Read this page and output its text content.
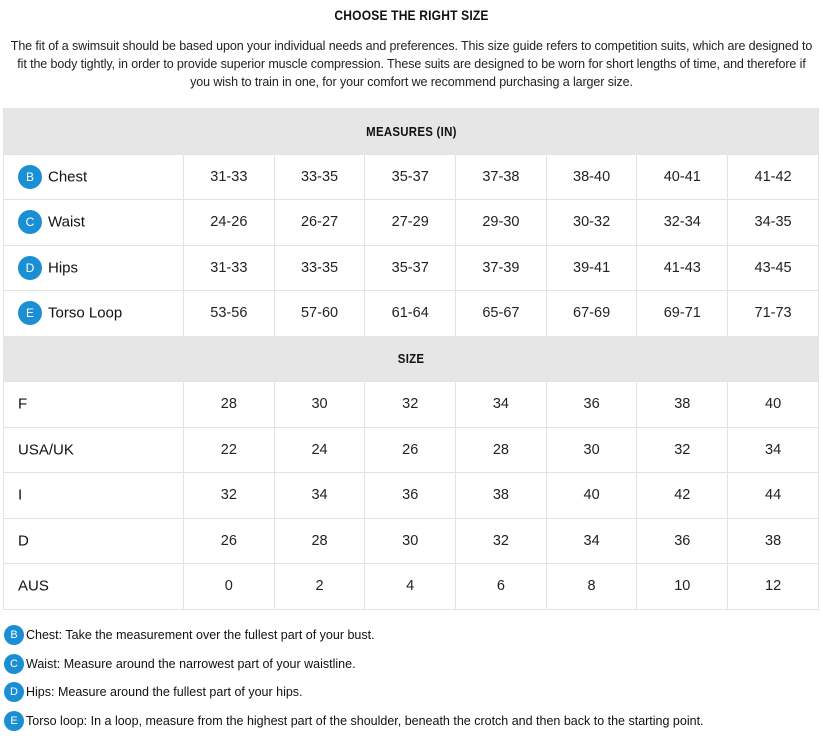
CHOOSE THE RIGHT SIZE
The fit of a swimsuit should be based upon your individual needs and preferences. This size guide refers to competition suits, which are designed to fit the body tightly, in order to provide superior muscle compression. These suits are designed to be worn for short lengths of time, and therefore if you wish to train in one, for your comfort we recommend purchasing a larger size.
MEASURES (IN)							
B Chest	31-33	33-35	35-37	37-38	38-40	40-41	41-42
C Waist	24-26	26-27	27-29	29-30	30-32	32-34	34-35
D Hips	31-33	33-35	35-37	37-39	39-41	41-43	43-45
E Torso Loop	53-56	57-60	61-64	65-67	67-69	69-71	71-73
SIZE							
F	28	30	32	34	36	38	40
USA/UK	22	24	26	28	30	32	34
I	32	34	36	38	40	42	44
D	26	28	30	32	34	36	38
AUS	0	2	4	6	8	10	12
B Chest: Take the measurement over the fullest part of your bust.
C Waist: Measure around the narrowest part of your waistline.
D Hips: Measure around the fullest part of your hips.
E Torso loop: In a loop, measure from the highest part of the shoulder, beneath the crotch and then back to the starting point.
